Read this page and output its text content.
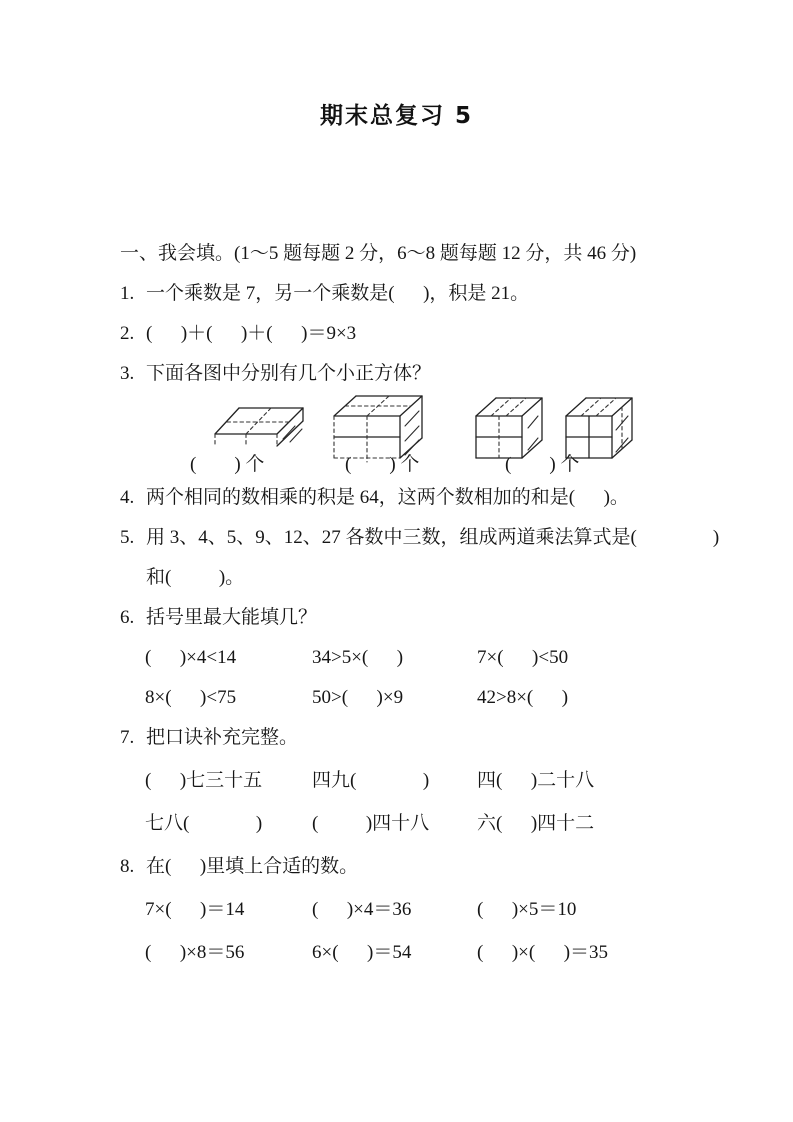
期末总复习 5
一、我会填。(1～5 题每题 2 分，6～8 题每题 12 分，共 46 分)
1. 一个乘数是 7，另一个乘数是(      )，积是 21。
2. (      )＋(      )＋(      )＝9×3
3. 下面各图中分别有几个小正方体？
(        ) 个	(        ) 个	(        ) 个
4. 两个相同的数相乘的积是 64，这两个数相加的和是(      )。
5. 用 3、4、5、9、12、27 各数中三数，组成两道乘法算式是(                )
和(          )。
6. 括号里最大能填几？
(      )×4<14	34>5×(      )	7×(      )<50
8×(      )<75	50>(      )×9	42>8×(      )
7. 把口诀补充完整。
(      )七三十五	四九(              )	四(      )二十八
七八(              )	(          )四十八	六(      )四十二
8. 在(      )里填上合适的数。
7×(      )＝14	(      )×4＝36	(      )×5＝10
(      )×8＝56	6×(      )＝54	(      )×(      )＝35
